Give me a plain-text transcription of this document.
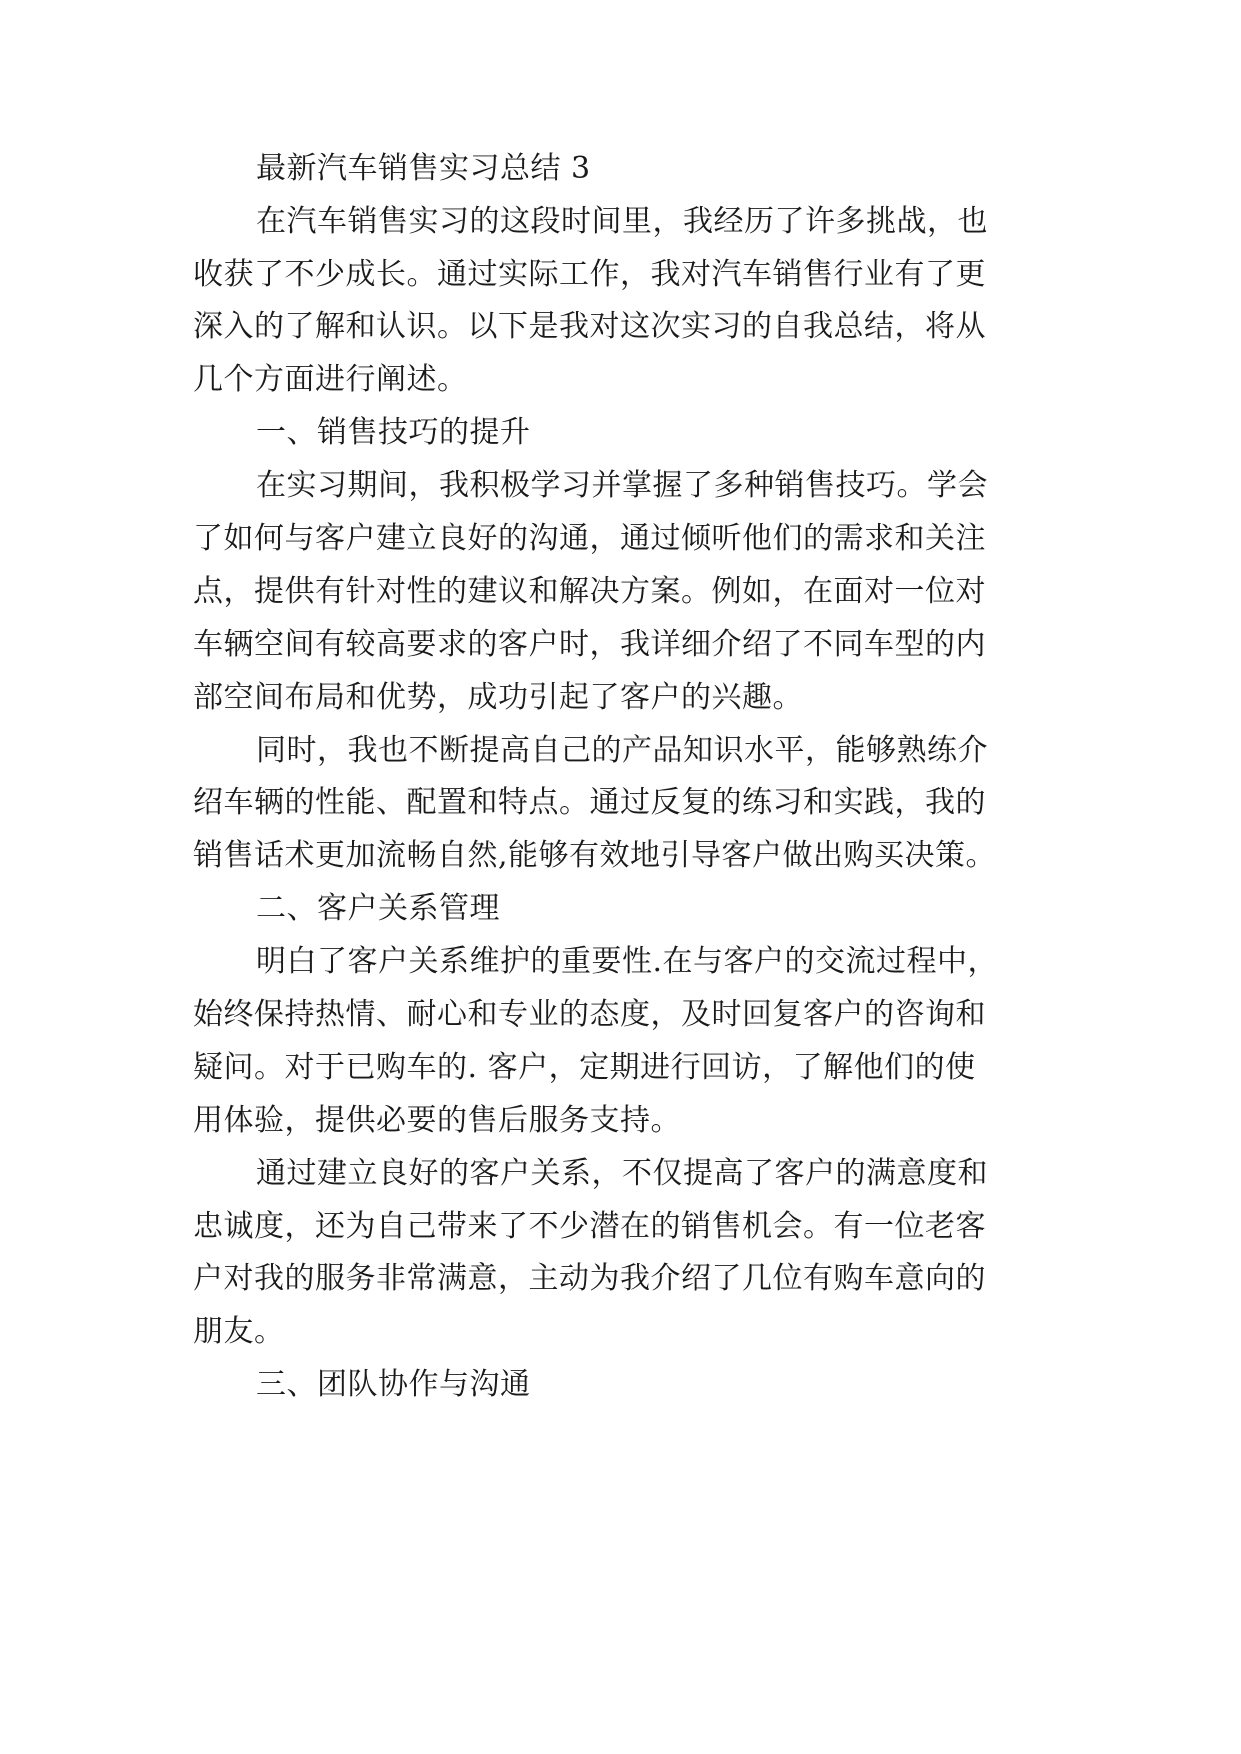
最新汽车销售实习总结 3
在汽车销售实习的这段时间里，我经历了许多挑战，也
收获了不少成长。通过实际工作，我对汽车销售行业有了更
深入的了解和认识。以下是我对这次实习的自我总结，将从
几个方面进行阐述。
一、销售技巧的提升
在实习期间，我积极学习并掌握了多种销售技巧。学会
了如何与客户建立良好的沟通，通过倾听他们的需求和关注
点，提供有针对性的建议和解决方案。例如，在面对一位对
车辆空间有较高要求的客户时，我详细介绍了不同车型的内
部空间布局和优势，成功引起了客户的兴趣。
同时，我也不断提高自己的产品知识水平，能够熟练介
绍车辆的性能、配置和特点。通过反复的练习和实践，我的
销售话术更加流畅自然,能够有效地引导客户做出购买决策。
二、客户关系管理
明白了客户关系维护的重要性.在与客户的交流过程中，
始终保持热情、耐心和专业的态度，及时回复客户的咨询和
疑问。对于已购车的. 客户，定期进行回访，了解他们的使
用体验，提供必要的售后服务支持。
通过建立良好的客户关系，不仅提高了客户的满意度和
忠诚度，还为自己带来了不少潜在的销售机会。有一位老客
户对我的服务非常满意，主动为我介绍了几位有购车意向的
朋友。
三、团队协作与沟通
